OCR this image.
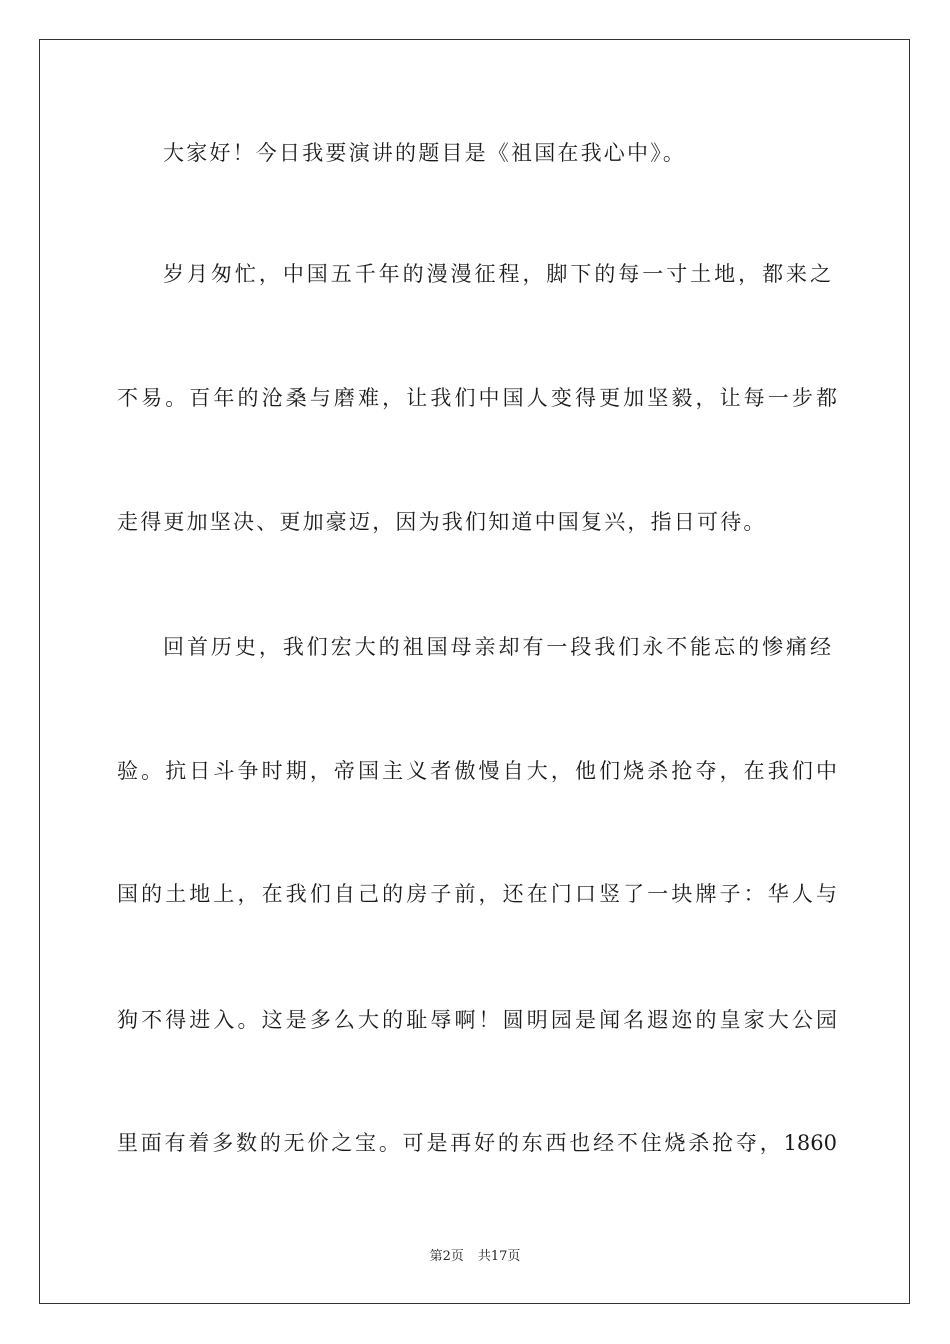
大家好！今日我要演讲的题目是《祖国在我心中》。
岁月匆忙，中国五千年的漫漫征程，脚下的每一寸土地，都来之
不易。百年的沧桑与磨难，让我们中国人变得更加坚毅，让每一步都
走得更加坚决、更加豪迈，因为我们知道中国复兴，指日可待。
回首历史，我们宏大的祖国母亲却有一段我们永不能忘的惨痛经
验。抗日斗争时期，帝国主义者傲慢自大，他们烧杀抢夺，在我们中
国的土地上，在我们自己的房子前，还在门口竖了一块牌子：华人与
狗不得进入。这是多么大的耻辱啊！圆明园是闻名遐迩的皇家大公园
里面有着多数的无价之宝。可是再好的东西也经不住烧杀抢夺，1860
第2页 共17页
